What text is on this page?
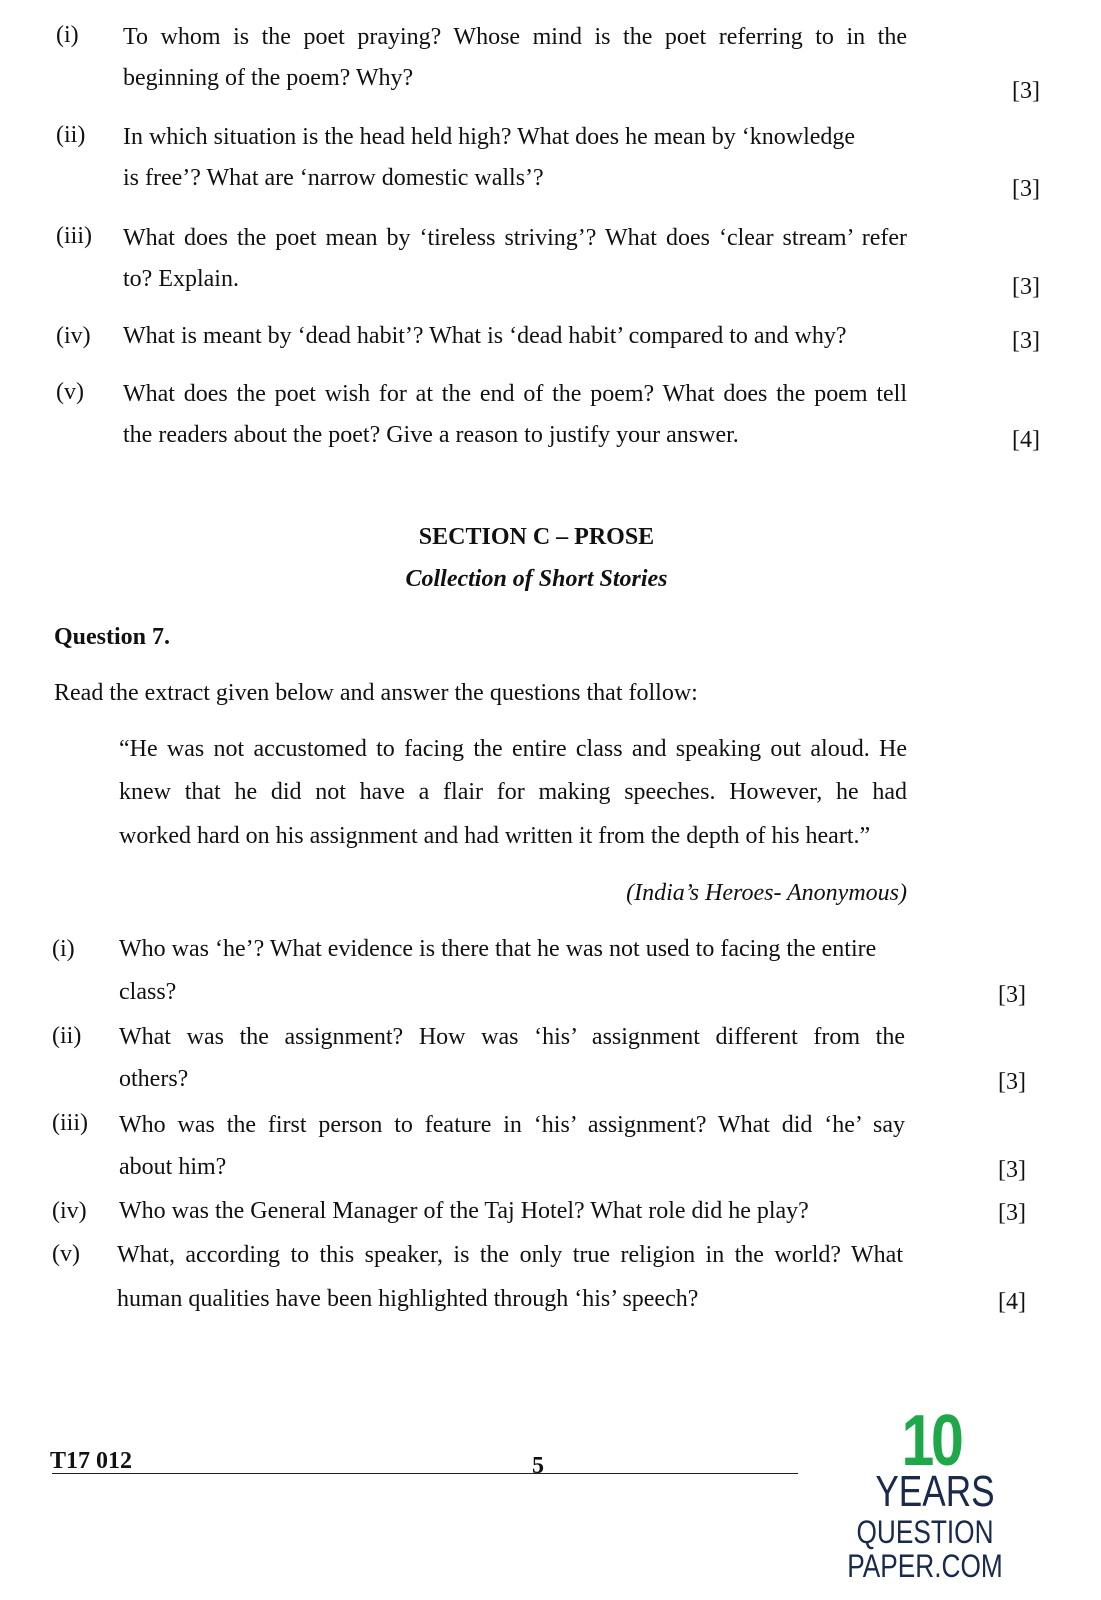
(i) To whom is the poet praying? Whose mind is the poet referring to in the
beginning of the poem? Why?	[3]
(ii) In which situation is the head held high? What does he mean by ‘knowledge
is free’? What are ‘narrow domestic walls’?	[3]
(iii) What does the poet mean by ‘tireless striving’? What does ‘clear stream’ refer
to? Explain.	[3]
(iv) What is meant by ‘dead habit’? What is ‘dead habit’ compared to and why?	[3]
(v) What does the poet wish for at the end of the poem? What does the poem tell
the readers about the poet? Give a reason to justify your answer.	[4]
SECTION C – PROSE
Collection of Short Stories
Question 7.
Read the extract given below and answer the questions that follow:
“He was not accustomed to facing the entire class and speaking out aloud. He
knew that he did not have a flair for making speeches. However, he had
worked hard on his assignment and had written it from the depth of his heart.”
(India’s Heroes- Anonymous)
(i) Who was ‘he’? What evidence is there that he was not used to facing the entire
class?	[3]
(ii) What was the assignment? How was ‘his’ assignment different from the
others?	[3]
(iii) Who was the first person to feature in ‘his’ assignment? What did ‘he’ say
about him?	[3]
(iv) Who was the General Manager of the Taj Hotel? What role did he play?	[3]
(v) What, according to this speaker, is the only true religion in the world? What
human qualities have been highlighted through ‘his’ speech?	[4]
T17 012	5	10
YEARS
QUESTION PAPER.COM
